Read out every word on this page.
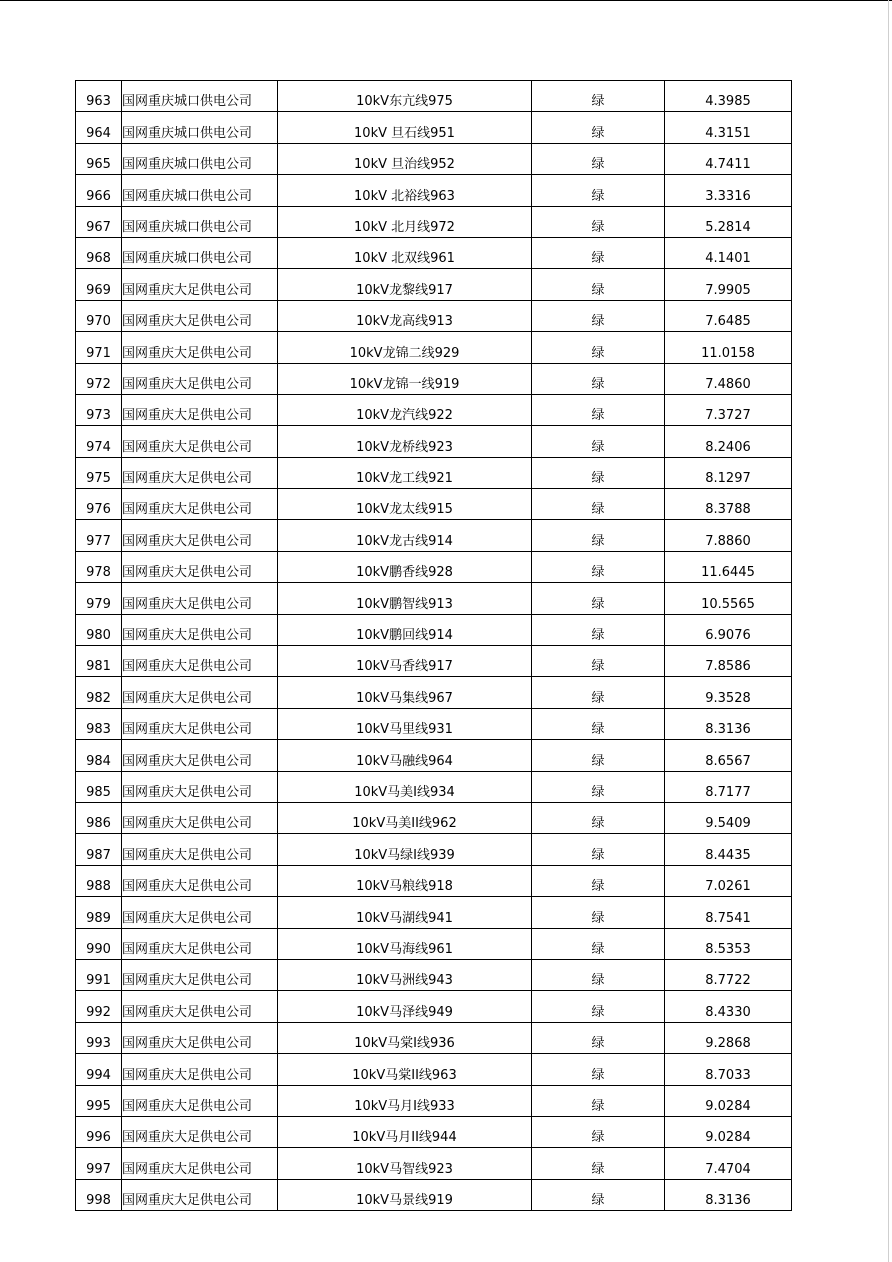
963	国网重庆城口供电公司	10kV东亢线975	绿	4.3985
964	国网重庆城口供电公司	10kV 旦石线951	绿	4.3151
965	国网重庆城口供电公司	10kV 旦治线952	绿	4.7411
966	国网重庆城口供电公司	10kV 北裕线963	绿	3.3316
967	国网重庆城口供电公司	10kV 北月线972	绿	5.2814
968	国网重庆城口供电公司	10kV 北双线961	绿	4.1401
969	国网重庆大足供电公司	10kV龙黎线917	绿	7.9905
970	国网重庆大足供电公司	10kV龙高线913	绿	7.6485
971	国网重庆大足供电公司	10kV龙锦二线929	绿	11.0158
972	国网重庆大足供电公司	10kV龙锦一线919	绿	7.4860
973	国网重庆大足供电公司	10kV龙汽线922	绿	7.3727
974	国网重庆大足供电公司	10kV龙桥线923	绿	8.2406
975	国网重庆大足供电公司	10kV龙工线921	绿	8.1297
976	国网重庆大足供电公司	10kV龙太线915	绿	8.3788
977	国网重庆大足供电公司	10kV龙古线914	绿	7.8860
978	国网重庆大足供电公司	10kV鹏香线928	绿	11.6445
979	国网重庆大足供电公司	10kV鹏智线913	绿	10.5565
980	国网重庆大足供电公司	10kV鹏回线914	绿	6.9076
981	国网重庆大足供电公司	10kV马香线917	绿	7.8586
982	国网重庆大足供电公司	10kV马集线967	绿	9.3528
983	国网重庆大足供电公司	10kV马里线931	绿	8.3136
984	国网重庆大足供电公司	10kV马融线964	绿	8.6567
985	国网重庆大足供电公司	10kV马美I线934	绿	8.7177
986	国网重庆大足供电公司	10kV马美II线962	绿	9.5409
987	国网重庆大足供电公司	10kV马绿I线939	绿	8.4435
988	国网重庆大足供电公司	10kV马粮线918	绿	7.0261
989	国网重庆大足供电公司	10kV马湖线941	绿	8.7541
990	国网重庆大足供电公司	10kV马海线961	绿	8.5353
991	国网重庆大足供电公司	10kV马洲线943	绿	8.7722
992	国网重庆大足供电公司	10kV马泽线949	绿	8.4330
993	国网重庆大足供电公司	10kV马棠I线936	绿	9.2868
994	国网重庆大足供电公司	10kV马棠II线963	绿	8.7033
995	国网重庆大足供电公司	10kV马月I线933	绿	9.0284
996	国网重庆大足供电公司	10kV马月II线944	绿	9.0284
997	国网重庆大足供电公司	10kV马智线923	绿	7.4704
998	国网重庆大足供电公司	10kV马景线919	绿	8.3136
